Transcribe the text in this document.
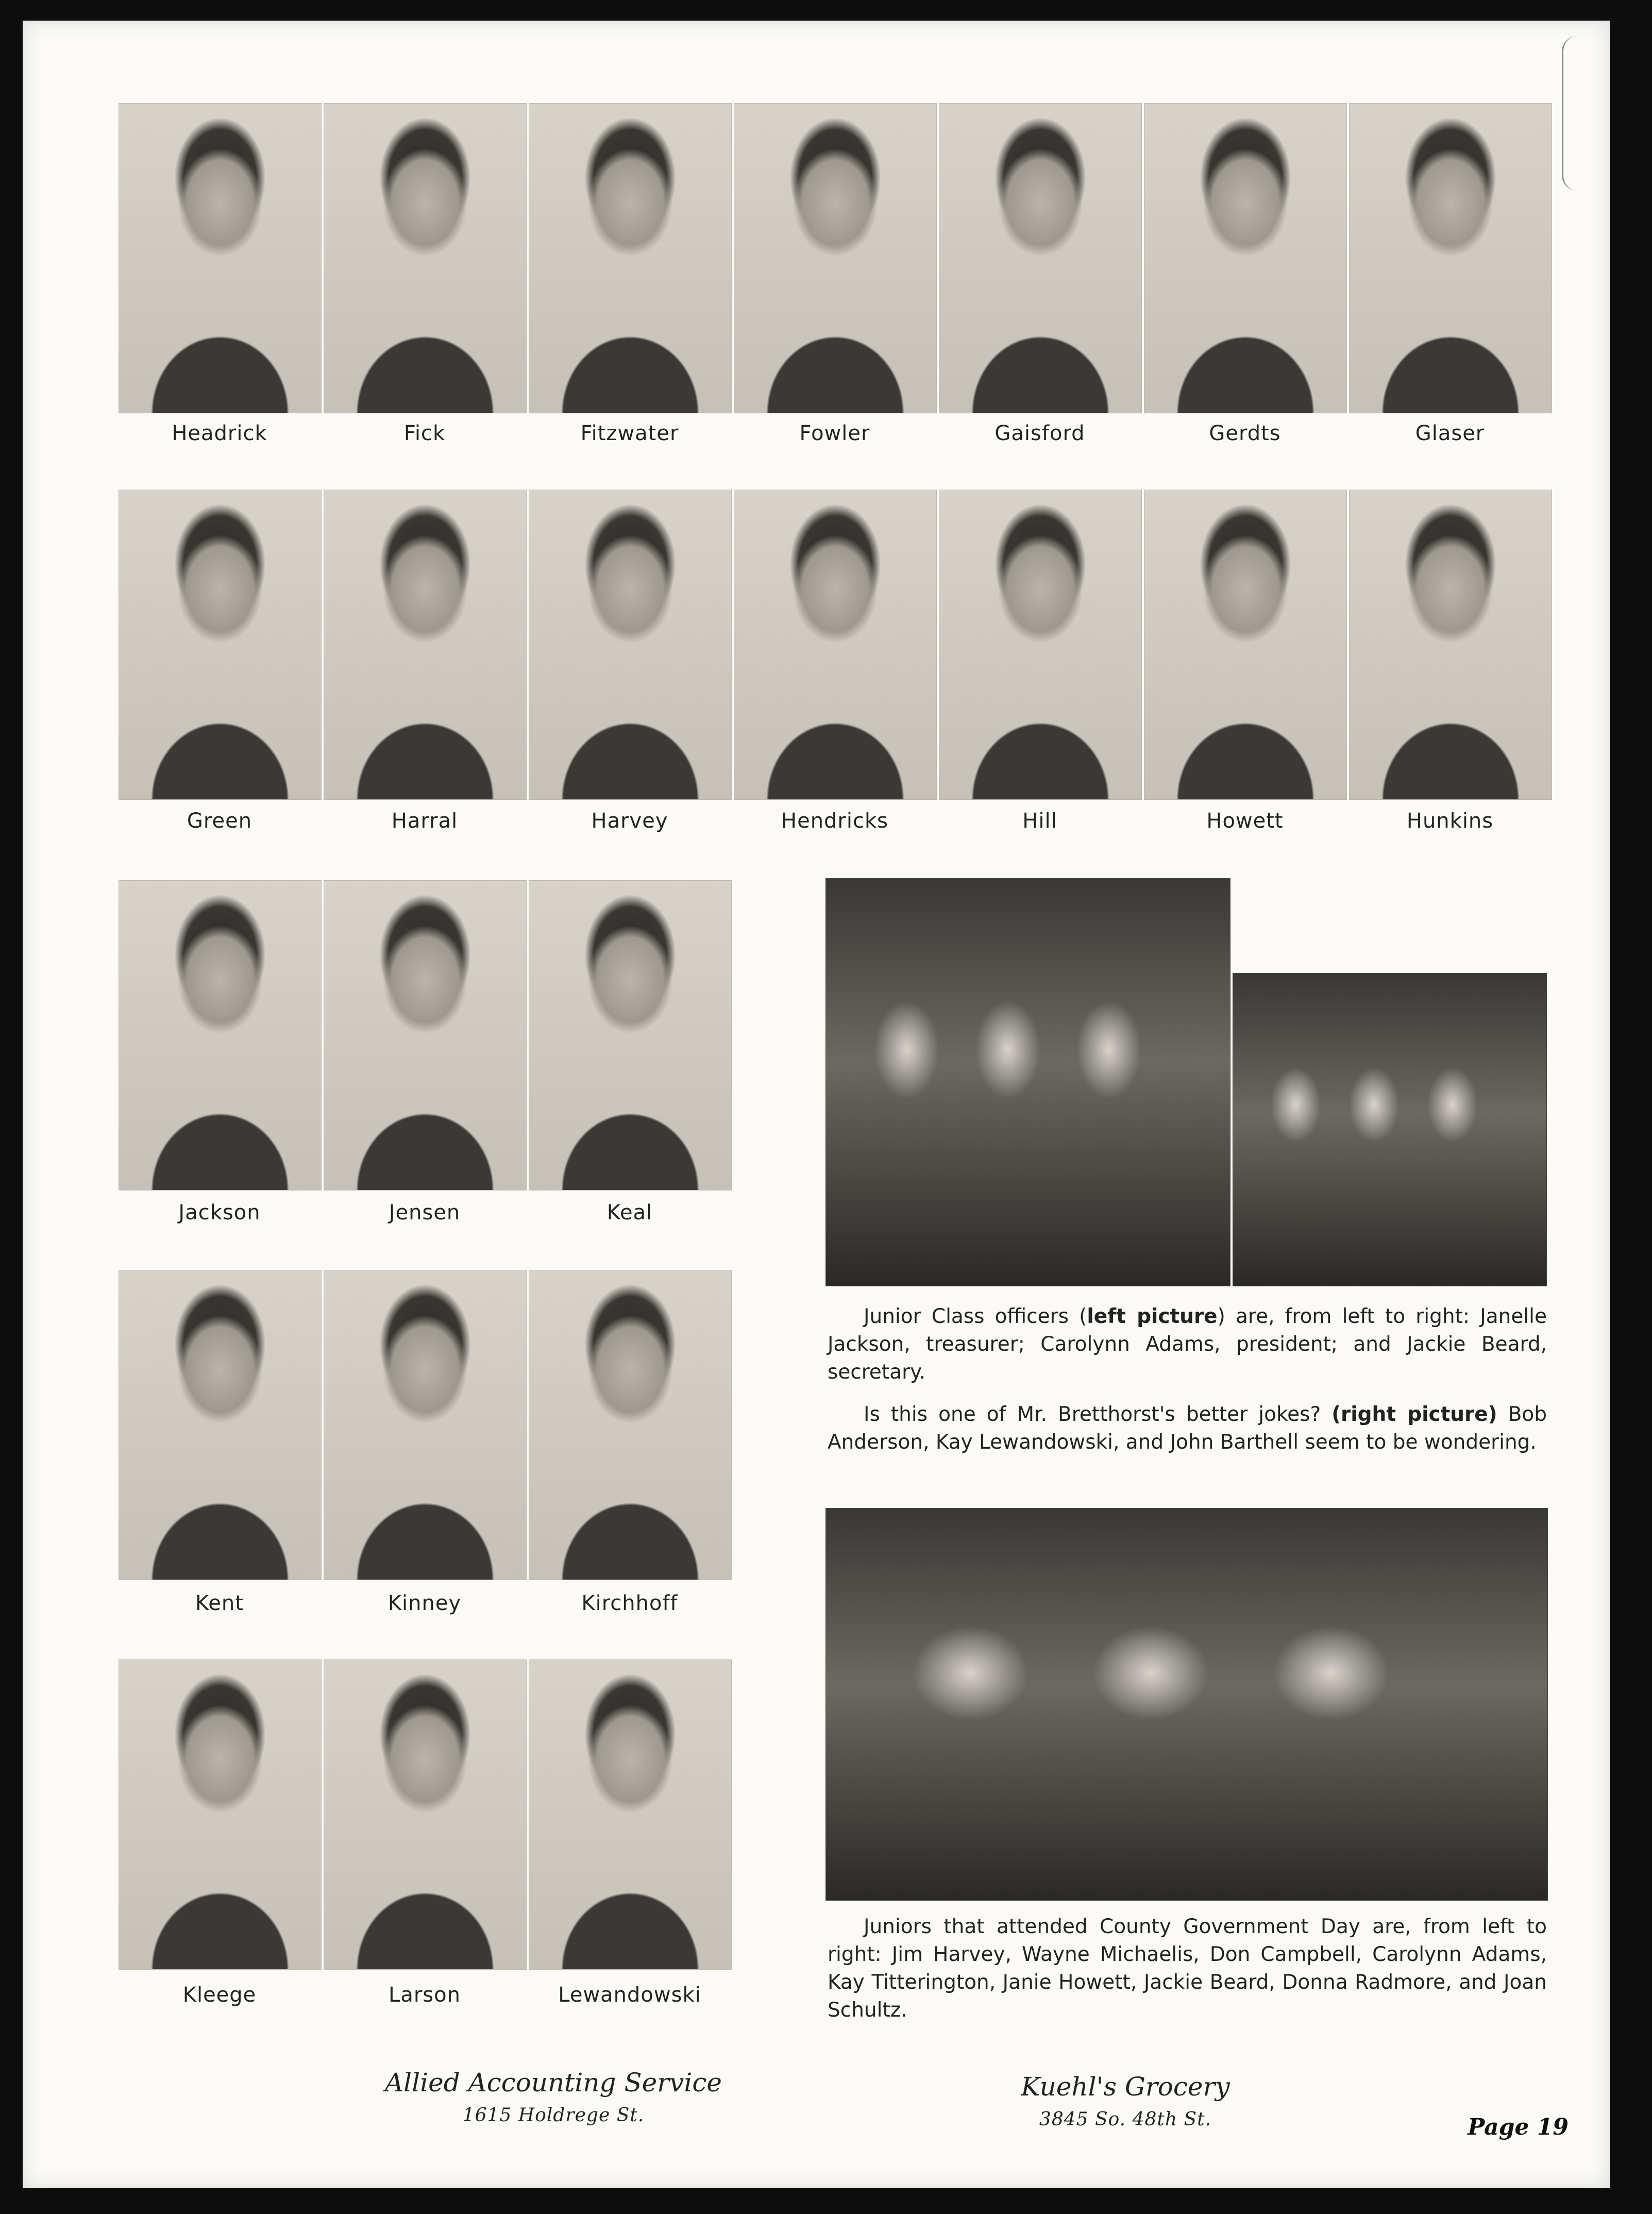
Headrick	Fick	Fitzwater	Fowler	Gaisford	Gerdts	Glaser
Green	Harral	Harvey	Hendricks	Hill	Howett	Hunkins
Jackson	Jensen	Keal
Kent	Kinney	Kirchhoff
Kleege	Larson	Lewandowski

Junior Class officers (left picture) are, from left to right: Janelle Jackson, treasurer; Carolynn Adams, president; and Jackie Beard, secretary.

Is this one of Mr. Bretthorst's better jokes? (right picture) Bob Anderson, Kay Lewandowski, and John Barthell seem to be wondering.

Juniors that attended County Government Day are, from left to right: Jim Harvey, Wayne Michaelis, Don Campbell, Carolynn Adams, Kay Titterington, Janie Howett, Jackie Beard, Donna Radmore, and Joan Schultz.

Allied Accounting Service
1615 Holdrege St.
Kuehl's Grocery
3845 So. 48th St.	Page 19
